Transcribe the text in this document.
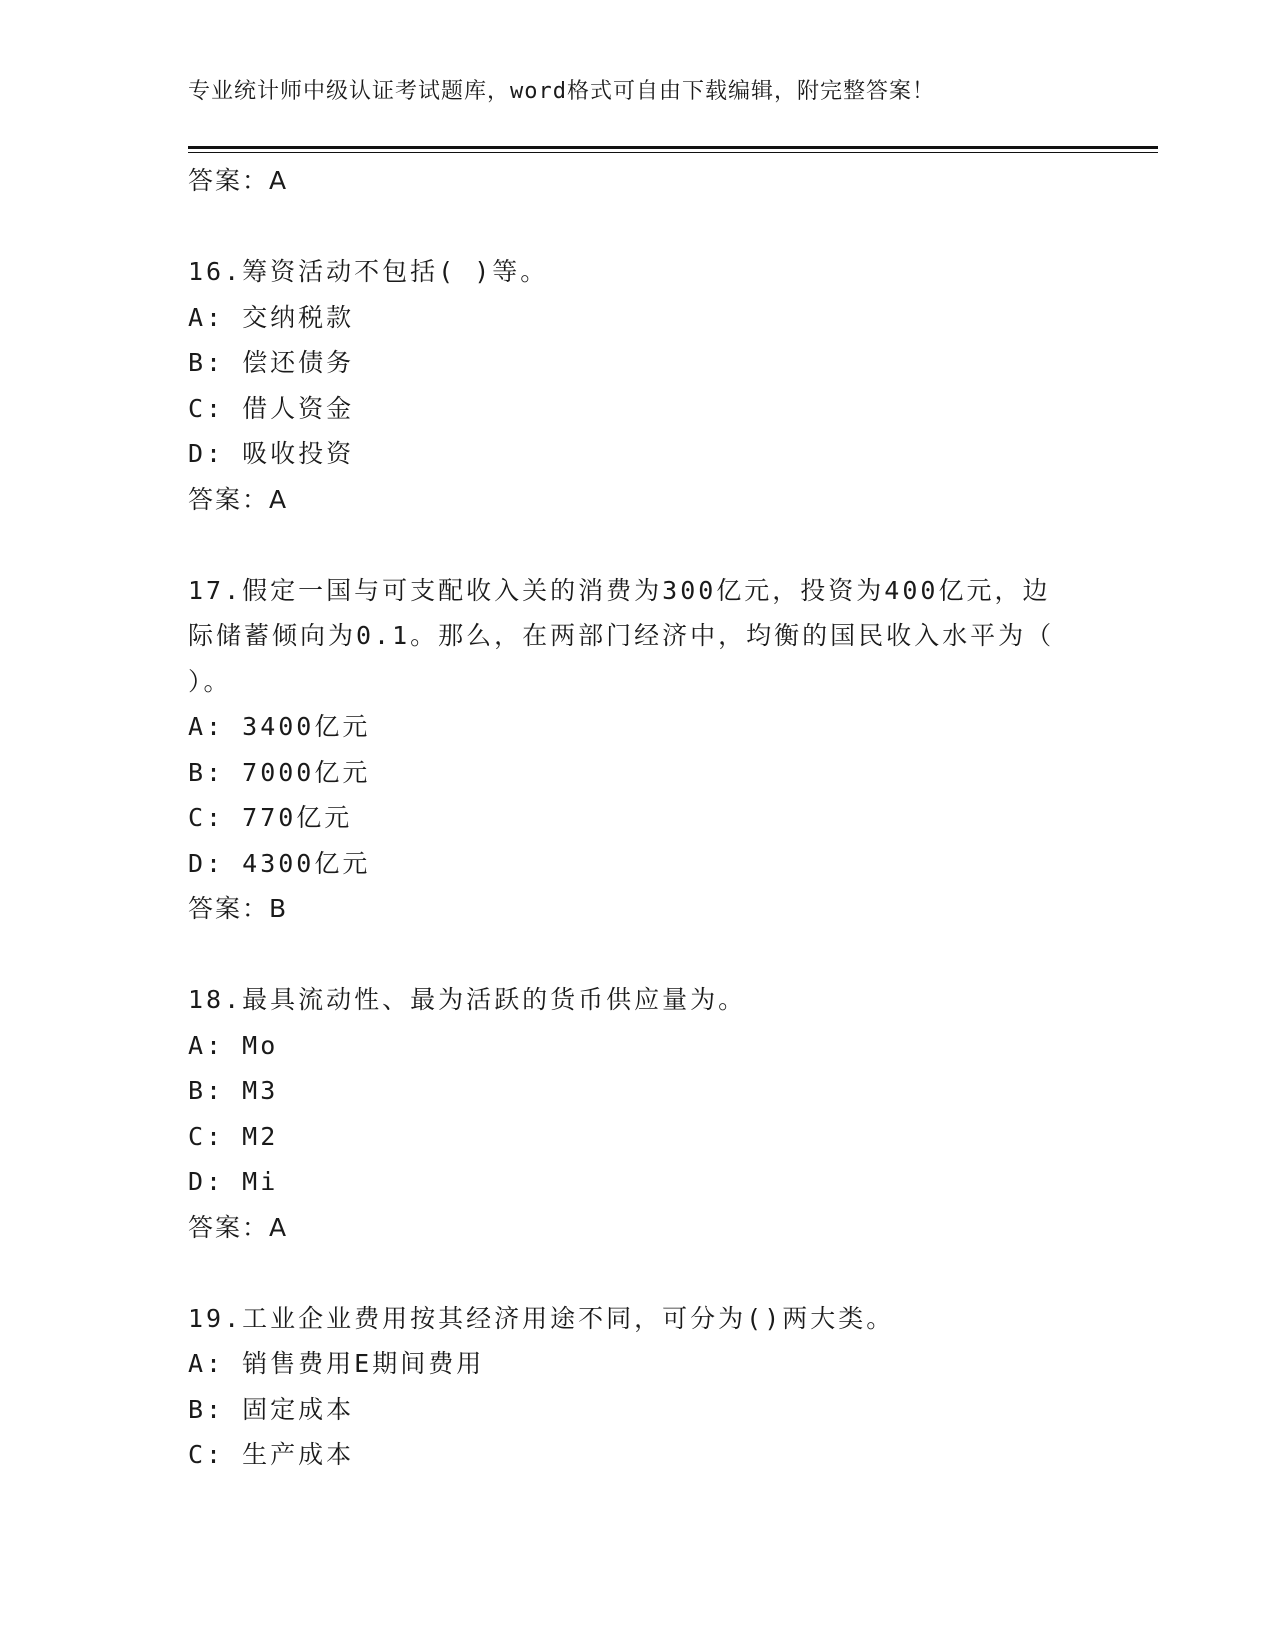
专业统计师中级认证考试题库，word格式可自由下载编辑，附完整答案！
答案：A
16.筹资活动不包括( )等。
A: 交纳税款
B: 偿还债务
C: 借人资金
D: 吸收投资
答案：A
17.假定一国与可支配收入关的消费为300亿元，投资为400亿元，边
际储蓄倾向为0.1。那么，在两部门经济中，均衡的国民收入水平为（
）。
A: 3400亿元
B: 7000亿元
C: 770亿元
D: 4300亿元
答案：B
18.最具流动性、最为活跃的货币供应量为。
A: Mo
B: M3
C: M2
D: Mi
答案：A
19.工业企业费用按其经济用途不同，可分为()两大类。
A: 销售费用E期间费用
B: 固定成本
C: 生产成本
